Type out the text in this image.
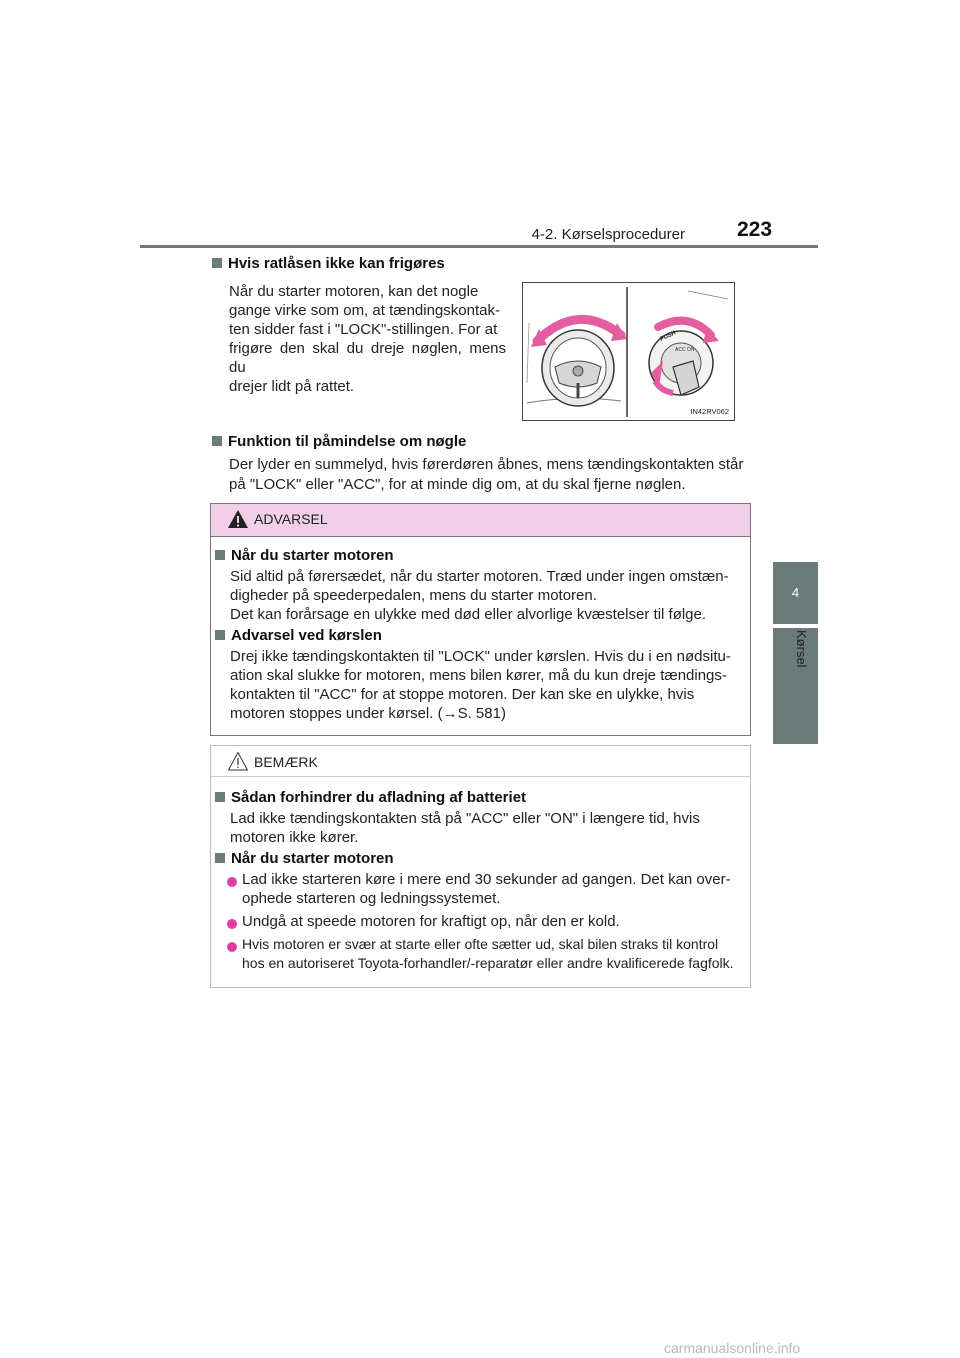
4-2. Kørselsprocedurer 223
4
Kørsel
Hvis ratlåsen ikke kan frigøres
Når du starter motoren, kan det nogle
gange virke som om, at tændingskontak-
ten sidder fast i "LOCK"-stillingen. For at
frigøre den skal du dreje nøglen, mens du
drejer lidt på rattet.
PUSH
ACC ON
IN42RV062
Funktion til påmindelse om nøgle
Der lyder en summelyd, hvis førerdøren åbnes, mens tændingskontakten står
på "LOCK" eller "ACC", for at minde dig om, at du skal fjerne nøglen.
ADVARSEL
Når du starter motoren
Sid altid på førersædet, når du starter motoren. Træd under ingen omstæn-
digheder på speederpedalen, mens du starter motoren.
Det kan forårsage en ulykke med død eller alvorlige kvæstelser til følge.
Advarsel ved kørslen
Drej ikke tændingskontakten til "LOCK" under kørslen. Hvis du i en nødsitu-
ation skal slukke for motoren, mens bilen kører, må du kun dreje tændings-
kontakten til "ACC" for at stoppe motoren. Der kan ske en ulykke, hvis
motoren stoppes under kørsel. (→S. 581)
BEMÆRK
Sådan forhindrer du afladning af batteriet
Lad ikke tændingskontakten stå på "ACC" eller "ON" i længere tid, hvis
motoren ikke kører.
Når du starter motoren
Lad ikke starteren køre i mere end 30 sekunder ad gangen. Det kan over-
ophede starteren og ledningssystemet.
Undgå at speede motoren for kraftigt op, når den er kold.
Hvis motoren er svær at starte eller ofte sætter ud, skal bilen straks til kontrol
hos en autoriseret Toyota-forhandler/-reparatør eller andre kvalificerede fagfolk.
carmanualsonline.info
